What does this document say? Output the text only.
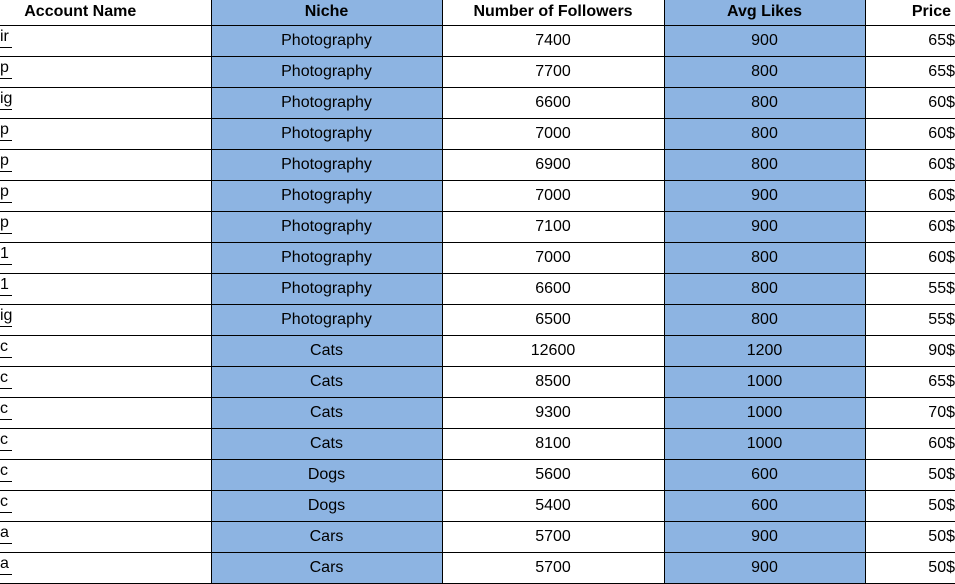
Account Name	Niche	Number of Followers	Avg Likes	Price
ir	Photography	7400	900	65$
p	Photography	7700	800	65$
ig	Photography	6600	800	60$
p	Photography	7000	800	60$
p	Photography	6900	800	60$
p	Photography	7000	900	60$
p	Photography	7100	900	60$
1	Photography	7000	800	60$
1	Photography	6600	800	55$
ig	Photography	6500	800	55$
c	Cats	12600	1200	90$
c	Cats	8500	1000	65$
c	Cats	9300	1000	70$
c	Cats	8100	1000	60$
c	Dogs	5600	600	50$
c	Dogs	5400	600	50$
a	Cars	5700	900	50$
a	Cars	5700	900	50$
